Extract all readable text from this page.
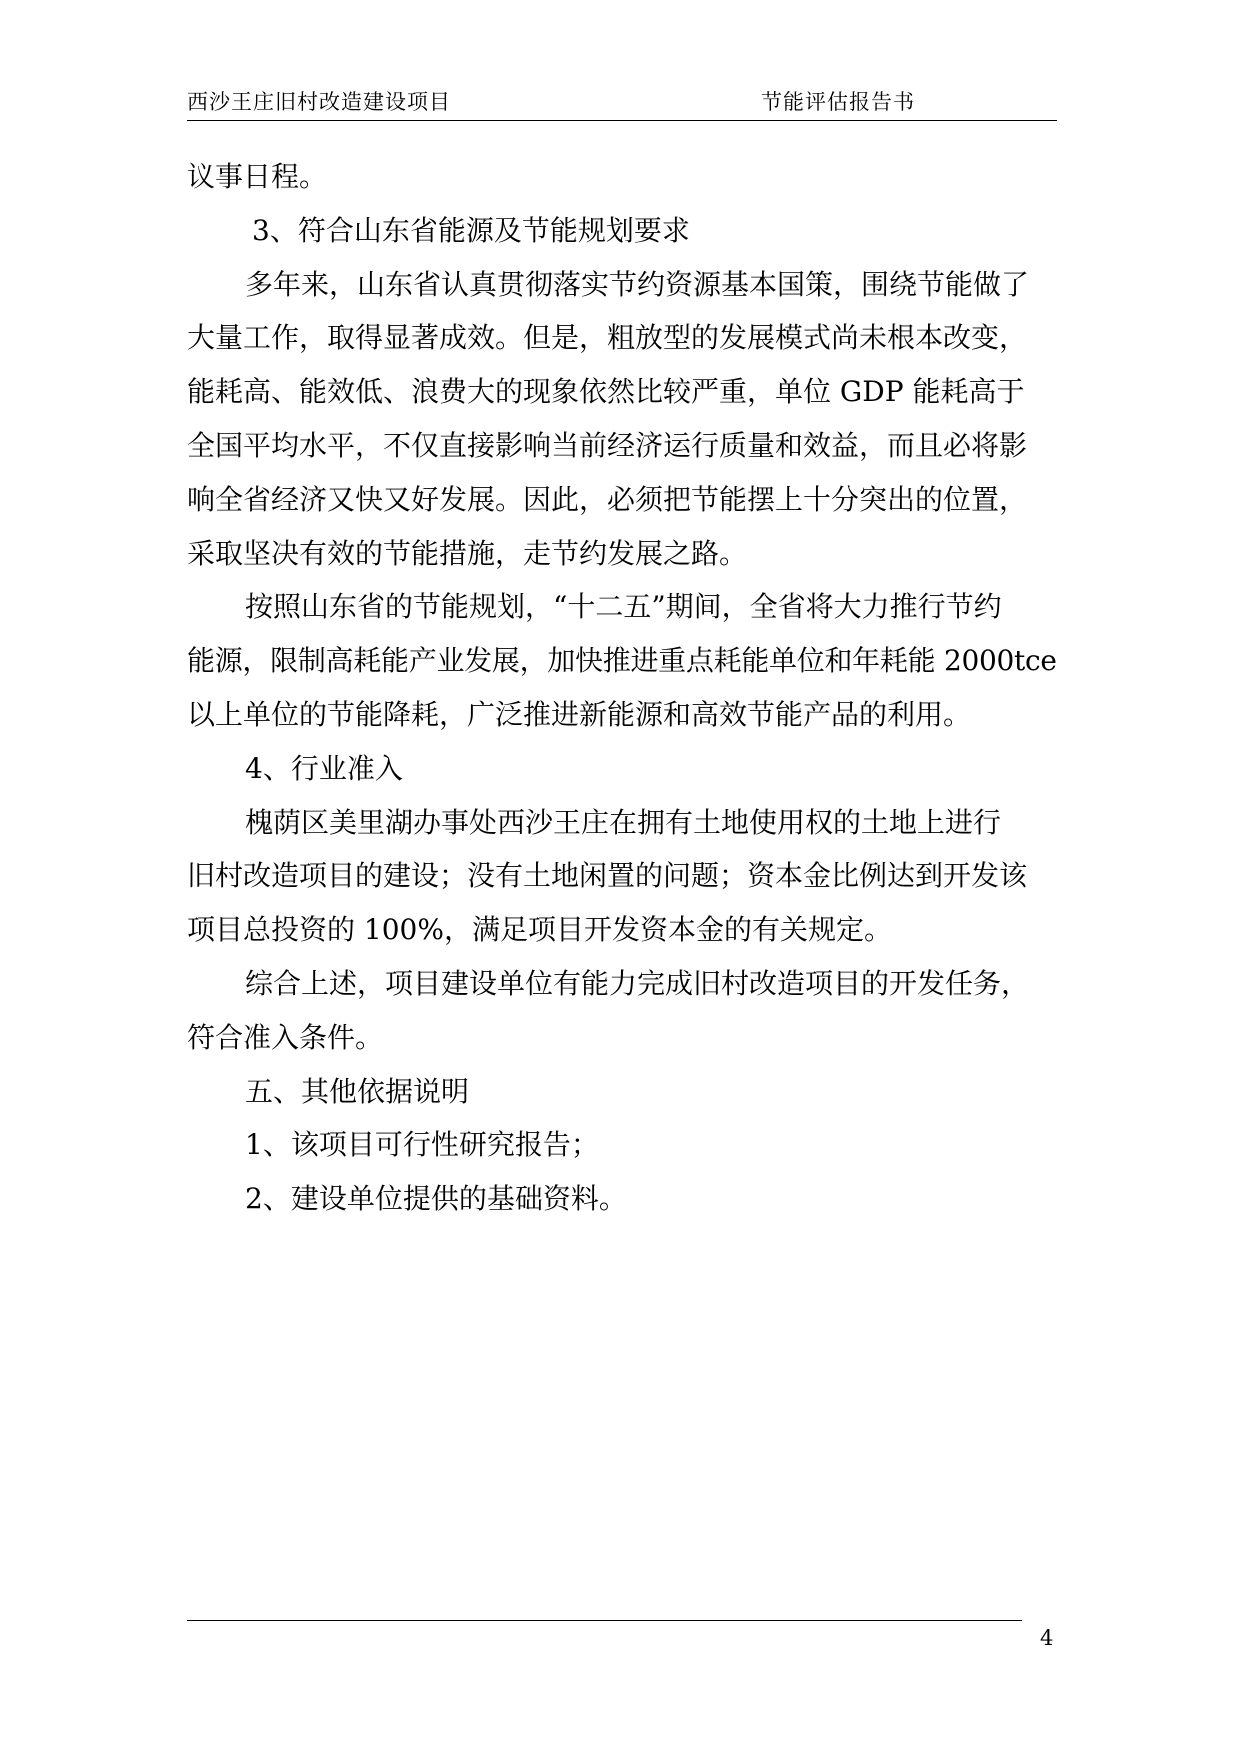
西沙王庄旧村改造建设项目	节能评估报告书

议事日程。

3、符合山东省能源及节能规划要求

多年来，山东省认真贯彻落实节约资源基本国策，围绕节能做了

大量工作，取得显著成效。但是，粗放型的发展模式尚未根本改变，

能耗高、能效低、浪费大的现象依然比较严重，单位 GDP 能耗高于

全国平均水平，不仅直接影响当前经济运行质量和效益，而且必将影

响全省经济又快又好发展。因此，必须把节能摆上十分突出的位置，

采取坚决有效的节能措施，走节约发展之路。

按照山东省的节能规划，“十二五”期间，全省将大力推行节约

能源，限制高耗能产业发展，加快推进重点耗能单位和年耗能 2000tce

以上单位的节能降耗，广泛推进新能源和高效节能产品的利用。

4、行业准入

槐荫区美里湖办事处西沙王庄在拥有土地使用权的土地上进行

旧村改造项目的建设；没有土地闲置的问题；资本金比例达到开发该

项目总投资的 100%，满足项目开发资本金的有关规定。

综合上述，项目建设单位有能力完成旧村改造项目的开发任务，

符合准入条件。

五、其他依据说明

1、该项目可行性研究报告；

2、建设单位提供的基础资料。

4
